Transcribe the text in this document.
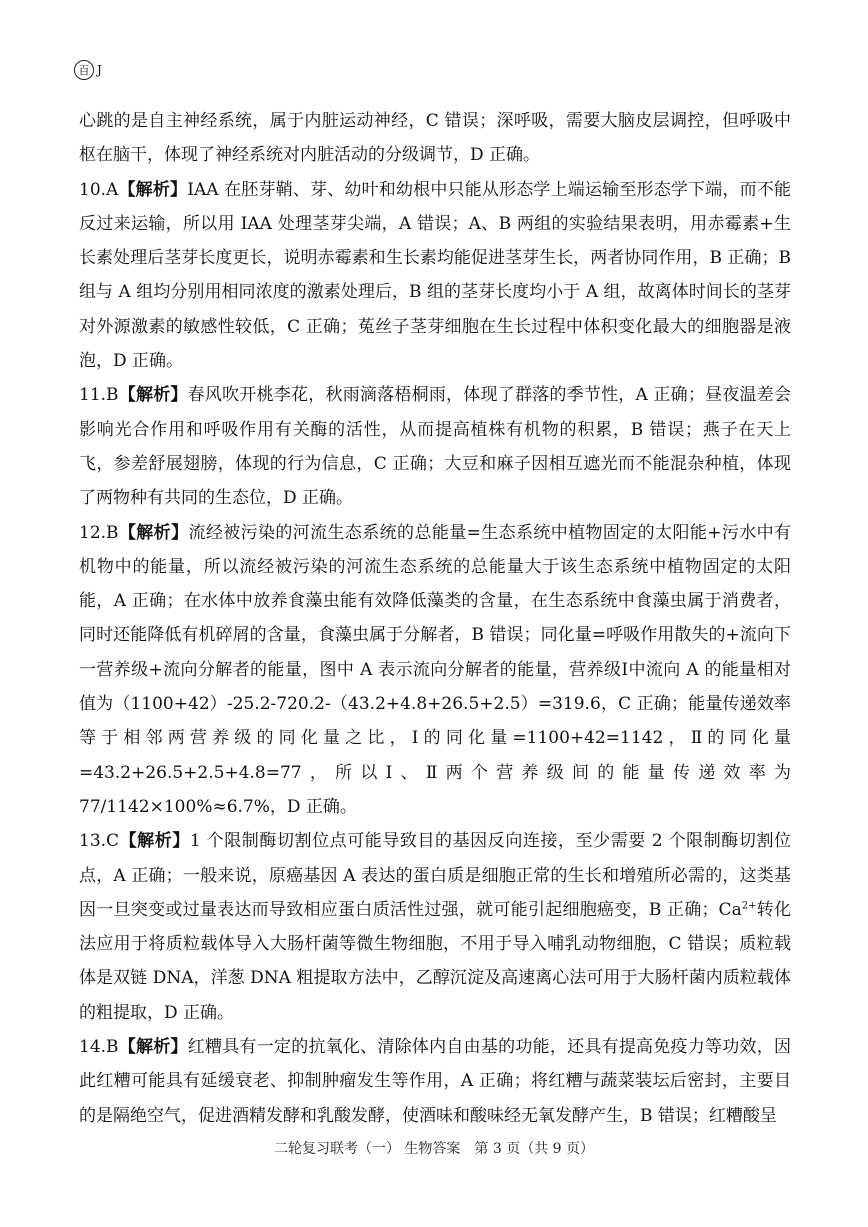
百 J

心跳的是自主神经系统，属于内脏运动神经，C 错误；深呼吸，需要大脑皮层调控，但呼吸中枢在脑干，体现了神经系统对内脏活动的分级调节，D 正确。

10.A【解析】IAA 在胚芽鞘、芽、幼叶和幼根中只能从形态学上端运输至形态学下端，而不能反过来运输，所以用 IAA 处理茎芽尖端，A 错误；A、B 两组的实验结果表明，用赤霉素+生长素处理后茎芽长度更长，说明赤霉素和生长素均能促进茎芽生长，两者协同作用，B 正确；B 组与 A 组均分别用相同浓度的激素处理后，B 组的茎芽长度均小于 A 组，故离体时间长的茎芽对外源激素的敏感性较低，C 正确；菟丝子茎芽细胞在生长过程中体积变化最大的细胞器是液泡，D 正确。

11.B【解析】春风吹开桃李花，秋雨滴落梧桐雨，体现了群落的季节性，A 正确；昼夜温差会影响光合作用和呼吸作用有关酶的活性，从而提高植株有机物的积累，B 错误；燕子在天上飞，参差舒展翅膀，体现的行为信息，C 正确；大豆和麻子因相互遮光而不能混杂种植，体现了两物种有共同的生态位，D 正确。

12.B【解析】流经被污染的河流生态系统的总能量=生态系统中植物固定的太阳能+污水中有机物中的能量，所以流经被污染的河流生态系统的总能量大于该生态系统中植物固定的太阳能，A 正确；在水体中放养食藻虫能有效降低藻类的含量，在生态系统中食藻虫属于消费者，同时还能降低有机碎屑的含量，食藻虫属于分解者，B 错误；同化量=呼吸作用散失的+流向下一营养级+流向分解者的能量，图中 A 表示流向分解者的能量，营养级Ⅰ中流向 A 的能量相对值为（1100+42）-25.2-720.2-（43.2+4.8+26.5+2.5）=319.6，C 正确；能量传递效率等于相邻两营养级的同化量之比，Ⅰ的同化量=1100+42=1142，Ⅱ的同化量=43.2+26.5+2.5+4.8=77，所以Ⅰ、Ⅱ两个营养级间的能量传递效率为 77/1142×100%≈6.7%，D 正确。

13.C【解析】1 个限制酶切割位点可能导致目的基因反向连接，至少需要 2 个限制酶切割位点，A 正确；一般来说，原癌基因 A 表达的蛋白质是细胞正常的生长和增殖所必需的，这类基因一旦突变或过量表达而导致相应蛋白质活性过强，就可能引起细胞癌变，B 正确；$Ca^{2+}$转化法应用于将质粒载体导入大肠杆菌等微生物细胞，不用于导入哺乳动物细胞，C 错误；质粒载体是双链 DNA，洋葱 DNA 粗提取方法中，乙醇沉淀及高速离心法可用于大肠杆菌内质粒载体的粗提取，D 正确。

14.B【解析】红糟具有一定的抗氧化、清除体内自由基的功能，还具有提高免疫力等功效，因此红糟可能具有延缓衰老、抑制肿瘤发生等作用，A 正确；将红糟与蔬菜装坛后密封，主要目的是隔绝空气，促进酒精发酵和乳酸发酵，使酒味和酸味经无氧发酵产生，B 错误；红糟酸呈

二轮复习联考（一） 生物答案　第 3 页（共 9 页）
